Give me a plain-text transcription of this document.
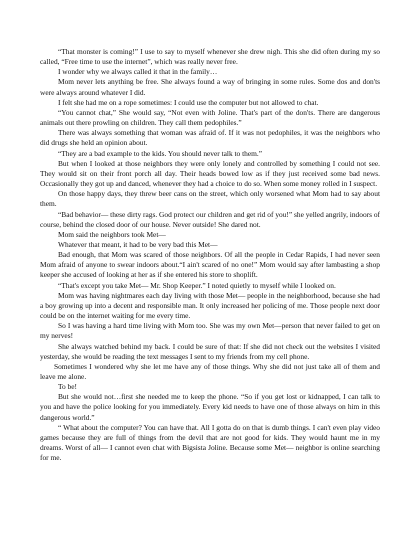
“That monster is coming!” I use to say to myself whenever she drew nigh. This she did often during my so called, “Free time to use the internet”, which was really never free.

I wonder why we always called it that in the family…

Mom never lets anything be free. She always found a way of bringing in some rules. Some dos and don'ts were always around whatever I did.

I felt she had me on a rope sometimes: I could use the computer but not allowed to chat.

“You cannot chat,” She would say, “Not even with Joline. That's part of the don'ts. There are dangerous animals out there prowling on children. They call them pedophiles.”

There was always something that woman was afraid of. If it was not pedophiles, it was the neighbors who did drugs she held an opinion about.

“They are a bad example to the kids. You should never talk to them.”

But when I looked at those neighbors they were only lonely and controlled by something I could not see. They would sit on their front porch all day. Their heads bowed low as if they just received some bad news. Occasionally they got up and danced, whenever they had a choice to do so. When some money rolled in I suspect.

On those happy days, they threw beer cans on the street, which only worsened what Mom had to say about them.

“Bad behavior— these dirty rags. God protect our children and get rid of you!” she yelled angrily, indoors of course, behind the closed door of our house. Never outside! She dared not.

Mom said the neighbors took Met—

Whatever that meant, it had to be very bad this Met—

Bad enough, that Mom was scared of those neighbors. Of all the people in Cedar Rapids, I had never seen Mom afraid of anyone to swear indoors about.“I ain't scared of no one!” Mom would say after lambasting a shop keeper she accused of looking at her as if she entered his store to shoplift.

“That's except you take Met— Mr. Shop Keeper.” I noted quietly to myself while I looked on.

Mom was having nightmares each day living with those Met— people in the neighborhood, because she had a boy growing up into a decent and responsible man. It only increased her policing of me. Those people next door could be on the internet waiting for me every time.

So I was having a hard time living with Mom too. She was my own Met—person that never failed to get on my nerves!

She always watched behind my back. I could be sure of that: If she did not check out the websites I visited yesterday, she would be reading the text messages I sent to my friends from my cell phone.

Sometimes I wondered why she let me have any of those things. Why she did not just take all of them and leave me alone.

To be!

But she would not…first she needed me to keep the phone. “So if you get lost or kidnapped, I can talk to you and have the police looking for you immediately. Every kid needs to have one of those always on him in this dangerous world.”

“ What about the computer? You can have that. All I gotta do on that is dumb things. I can't even play video games because they are full of things from the devil that are not good for kids. They would haunt me in my dreams. Worst of all— I cannot even chat with Bigsista Joline. Because some Met— neighbor is online searching for me.
